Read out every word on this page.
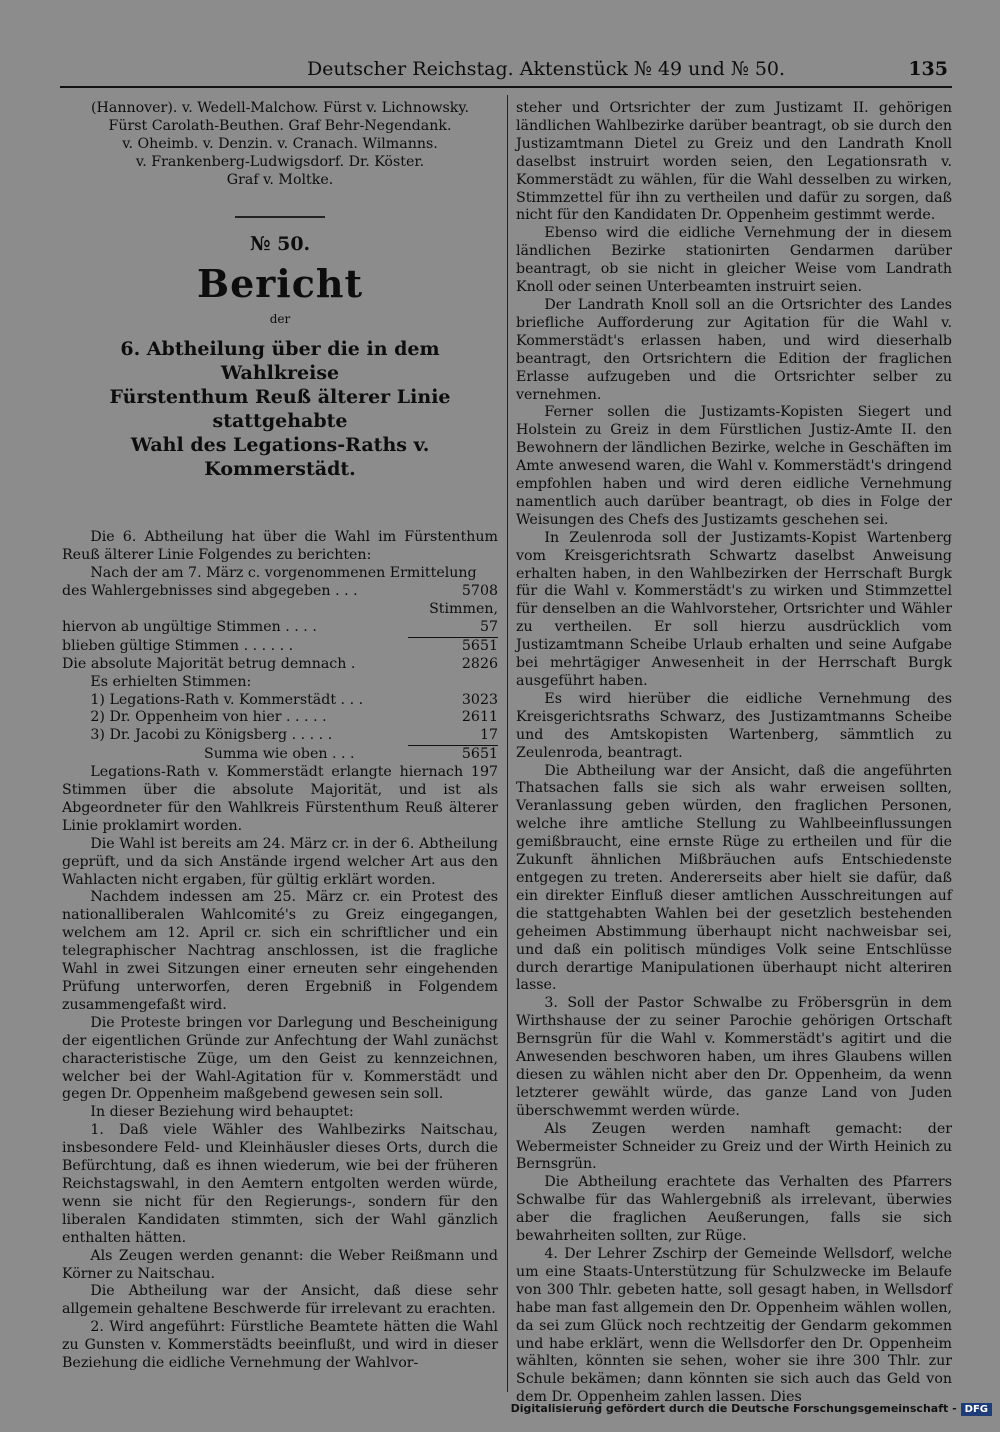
Deutscher Reichstag. Aktenstück № 49 und № 50.	135

(Hannover). v. Wedell-Malchow. Fürst v. Lichnowsky.

Fürst Carolath-Beuthen. Graf Behr-Negendank.

v. Oheimb. v. Denzin. v. Cranach. Wilmanns.

v. Frankenberg-Ludwigsdorf. Dr. Köster.

Graf v. Moltke.

№ 50.
Bericht
der
6. Abtheilung über die in dem Wahlkreise
Fürstenthum Reuß älterer Linie stattgehabte
Wahl des Legations-Raths v. Kommerstädt.

Die 6. Abtheilung hat über die Wahl im Fürstenthum Reuß älterer Linie Folgendes zu berichten:

Nach der am 7. März c. vorgenommenen Ermittelung

des Wahlergebnisses sind abgegeben . . .	5708 Stimmen,
hiervon ab ungültige Stimmen . . . .	57
blieben gültige Stimmen . . . . . .	5651
Die absolute Majorität betrug demnach .	2826

Es erhielten Stimmen:

1) Legations-Rath v. Kommerstädt . . .	3023
2) Dr. Oppenheim von hier . . . . .	2611
3) Dr. Jacobi zu Königsberg . . . . .	17
Summa wie oben . . .	5651

Legations-Rath v. Kommerstädt erlangte hiernach 197 Stimmen über die absolute Majorität, und ist als Abgeordneter für den Wahlkreis Fürstenthum Reuß älterer Linie proklamirt worden.

Die Wahl ist bereits am 24. März cr. in der 6. Abtheilung geprüft, und da sich Anstände irgend welcher Art aus den Wahlacten nicht ergaben, für gültig erklärt worden.

Nachdem indessen am 25. März cr. ein Protest des nationalliberalen Wahlcomité's zu Greiz eingegangen, welchem am 12. April cr. sich ein schriftlicher und ein telegraphischer Nachtrag anschlossen, ist die fragliche Wahl in zwei Sitzungen einer erneuten sehr eingehenden Prüfung unterworfen, deren Ergebniß in Folgendem zusammengefaßt wird.

Die Proteste bringen vor Darlegung und Bescheinigung der eigentlichen Gründe zur Anfechtung der Wahl zunächst characteristische Züge, um den Geist zu kennzeichnen, welcher bei der Wahl-Agitation für v. Kommerstädt und gegen Dr. Oppenheim maßgebend gewesen sein soll.

In dieser Beziehung wird behauptet:

1. Daß viele Wähler des Wahlbezirks Naitschau, insbesondere Feld- und Kleinhäusler dieses Orts, durch die Befürchtung, daß es ihnen wiederum, wie bei der früheren Reichstagswahl, in den Aemtern entgolten werden würde, wenn sie nicht für den Regierungs-, sondern für den liberalen Kandidaten stimmten, sich der Wahl gänzlich enthalten hätten.

Als Zeugen werden genannt: die Weber Reißmann und Körner zu Naitschau.

Die Abtheilung war der Ansicht, daß diese sehr allgemein gehaltene Beschwerde für irrelevant zu erachten.

2. Wird angeführt: Fürstliche Beamtete hätten die Wahl zu Gunsten v. Kommerstädts beeinflußt, und wird in dieser Beziehung die eidliche Vernehmung der Wahlvor-

steher und Ortsrichter der zum Justizamt II. gehörigen ländlichen Wahlbezirke darüber beantragt, ob sie durch den Justizamtmann Dietel zu Greiz und den Landrath Knoll daselbst instruirt worden seien, den Legationsrath v. Kommerstädt zu wählen, für die Wahl desselben zu wirken, Stimmzettel für ihn zu vertheilen und dafür zu sorgen, daß nicht für den Kandidaten Dr. Oppenheim gestimmt werde.

Ebenso wird die eidliche Vernehmung der in diesem ländlichen Bezirke stationirten Gendarmen darüber beantragt, ob sie nicht in gleicher Weise vom Landrath Knoll oder seinen Unterbeamten instruirt seien.

Der Landrath Knoll soll an die Ortsrichter des Landes briefliche Aufforderung zur Agitation für die Wahl v. Kommerstädt's erlassen haben, und wird dieserhalb beantragt, den Ortsrichtern die Edition der fraglichen Erlasse aufzugeben und die Ortsrichter selber zu vernehmen.

Ferner sollen die Justizamts-Kopisten Siegert und Holstein zu Greiz in dem Fürstlichen Justiz-Amte II. den Bewohnern der ländlichen Bezirke, welche in Geschäften im Amte anwesend waren, die Wahl v. Kommerstädt's dringend empfohlen haben und wird deren eidliche Vernehmung namentlich auch darüber beantragt, ob dies in Folge der Weisungen des Chefs des Justizamts geschehen sei.

In Zeulenroda soll der Justizamts-Kopist Wartenberg vom Kreisgerichtsrath Schwartz daselbst Anweisung erhalten haben, in den Wahlbezirken der Herrschaft Burgk für die Wahl v. Kommerstädt's zu wirken und Stimmzettel für denselben an die Wahlvorsteher, Ortsrichter und Wähler zu vertheilen. Er soll hierzu ausdrücklich vom Justizamtmann Scheibe Urlaub erhalten und seine Aufgabe bei mehrtägiger Anwesenheit in der Herrschaft Burgk ausgeführt haben.

Es wird hierüber die eidliche Vernehmung des Kreisgerichtsraths Schwarz, des Justizamtmanns Scheibe und des Amtskopisten Wartenberg, sämmtlich zu Zeulenroda, beantragt.

Die Abtheilung war der Ansicht, daß die angeführten Thatsachen falls sie sich als wahr erweisen sollten, Veranlassung geben würden, den fraglichen Personen, welche ihre amtliche Stellung zu Wahlbeeinflussungen gemißbraucht, eine ernste Rüge zu ertheilen und für die Zukunft ähnlichen Mißbräuchen aufs Entschiedenste entgegen zu treten. Andererseits aber hielt sie dafür, daß ein direkter Einfluß dieser amtlichen Ausschreitungen auf die stattgehabten Wahlen bei der gesetzlich bestehenden geheimen Abstimmung überhaupt nicht nachweisbar sei, und daß ein politisch mündiges Volk seine Entschlüsse durch derartige Manipulationen überhaupt nicht alteriren lasse.

3. Soll der Pastor Schwalbe zu Fröbersgrün in dem Wirthshause der zu seiner Parochie gehörigen Ortschaft Bernsgrün für die Wahl v. Kommerstädt's agitirt und die Anwesenden beschworen haben, um ihres Glaubens willen diesen zu wählen nicht aber den Dr. Oppenheim, da wenn letzterer gewählt würde, das ganze Land von Juden überschwemmt werden würde.

Als Zeugen werden namhaft gemacht: der Webermeister Schneider zu Greiz und der Wirth Heinich zu Bernsgrün.

Die Abtheilung erachtete das Verhalten des Pfarrers Schwalbe für das Wahlergebniß als irrelevant, überwies aber die fraglichen Aeußerungen, falls sie sich bewahrheiten sollten, zur Rüge.

4. Der Lehrer Zschirp der Gemeinde Wellsdorf, welche um eine Staats-Unterstützung für Schulzwecke im Belaufe von 300 Thlr. gebeten hatte, soll gesagt haben, in Wellsdorf habe man fast allgemein den Dr. Oppenheim wählen wollen, da sei zum Glück noch rechtzeitig der Gendarm gekommen und habe erklärt, wenn die Wellsdorfer den Dr. Oppenheim wählten, könnten sie sehen, woher sie ihre 300 Thlr. zur Schule bekämen; dann könnten sie sich auch das Geld von dem Dr. Oppenheim zahlen lassen. Dies

Digitalisierung gefördert durch die Deutsche Forschungsgemeinschaft - DFG
